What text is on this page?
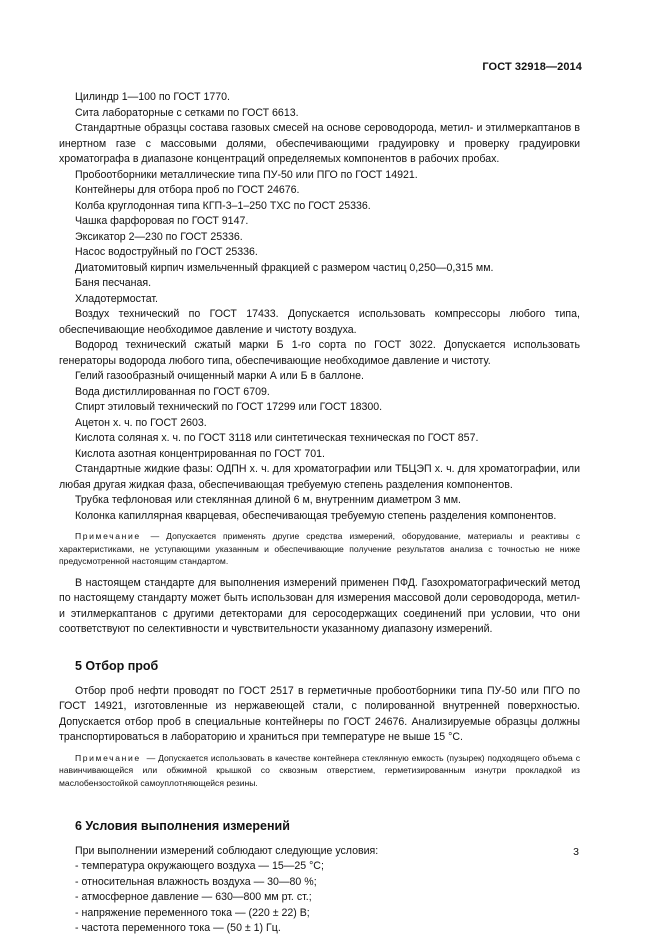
ГОСТ 32918—2014

Цилиндр 1—100 по ГОСТ 1770.

Сита лабораторные с сетками по ГОСТ 6613.

Стандартные образцы состава газовых смесей на основе сероводорода, метил- и этилмеркаптанов в инертном газе с массовыми долями, обеспечивающими градуировку и проверку градуировки хроматографа в диапазоне концентраций определяемых компонентов в рабочих пробах.

Пробоотборники металлические типа ПУ-50 или ПГО по ГОСТ 14921.

Контейнеры для отбора проб по ГОСТ 24676.

Колба круглодонная типа КГП-3–1–250 ТХС по ГОСТ 25336.

Чашка фарфоровая по ГОСТ 9147.

Эксикатор 2—230 по ГОСТ 25336.

Насос водоструйный по ГОСТ 25336.

Диатомитовый кирпич измельченный фракцией с размером частиц 0,250—0,315 мм.

Баня песчаная.

Хладотермостат.

Воздух технический по ГОСТ 17433. Допускается использовать компрессоры любого типа, обеспечивающие необходимое давление и чистоту воздуха.

Водород технический сжатый марки Б 1-го сорта по ГОСТ 3022. Допускается использовать генераторы водорода любого типа, обеспечивающие необходимое давление и чистоту.

Гелий газообразный очищенный марки А или Б в баллоне.

Вода дистиллированная по ГОСТ 6709.

Спирт этиловый технический по ГОСТ 17299 или ГОСТ 18300.

Ацетон х. ч. по ГОСТ 2603.

Кислота соляная х. ч. по ГОСТ 3118 или синтетическая техническая по ГОСТ 857.

Кислота азотная концентрированная по ГОСТ 701.

Стандартные жидкие фазы: ОДПН х. ч. для хроматографии или ТБЦЭП х. ч. для хроматографии, или любая другая жидкая фаза, обеспечивающая требуемую степень разделения компонентов.

Трубка тефлоновая или стеклянная длиной 6 м, внутренним диаметром 3 мм.

Колонка капиллярная кварцевая, обеспечивающая требуемую степень разделения компонентов.

Примечание — Допускается применять другие средства измерений, оборудование, материалы и реактивы с характеристиками, не уступающими указанным и обеспечивающие получение результатов анализа с точностью не ниже предусмотренной настоящим стандартом.

В настоящем стандарте для выполнения измерений применен ПФД. Газохроматографический метод по настоящему стандарту может быть использован для измерения массовой доли сероводорода, метил- и этилмеркаптанов с другими детекторами для серосодержащих соединений при условии, что они соответствуют по селективности и чувствительности указанному диапазону измерений.

5 Отбор проб

Отбор проб нефти проводят по ГОСТ 2517 в герметичные пробоотборники типа ПУ-50 или ПГО по ГОСТ 14921, изготовленные из нержавеющей стали, с полированной внутренней поверхностью. Допускается отбор проб в специальные контейнеры по ГОСТ 24676. Анализируемые образцы должны транспортироваться в лабораторию и храниться при температуре не выше 15 °С.

Примечание — Допускается использовать в качестве контейнера стеклянную емкость (пузырек) подходящего объема с навинчивающейся или обжимной крышкой со сквозным отверстием, герметизированным изнутри прокладкой из маслобензостойкой самоуплотняющейся резины.

6 Условия выполнения измерений

При выполнении измерений соблюдают следующие условия:

- температура окружающего воздуха — 15—25 °С;

- относительная влажность воздуха — 30—80 %;

- атмосферное давление — 630—800 мм рт. ст.;

- напряжение переменного тока — (220 ± 22) В;

- частота переменного тока — (50 ± 1) Гц.

3
